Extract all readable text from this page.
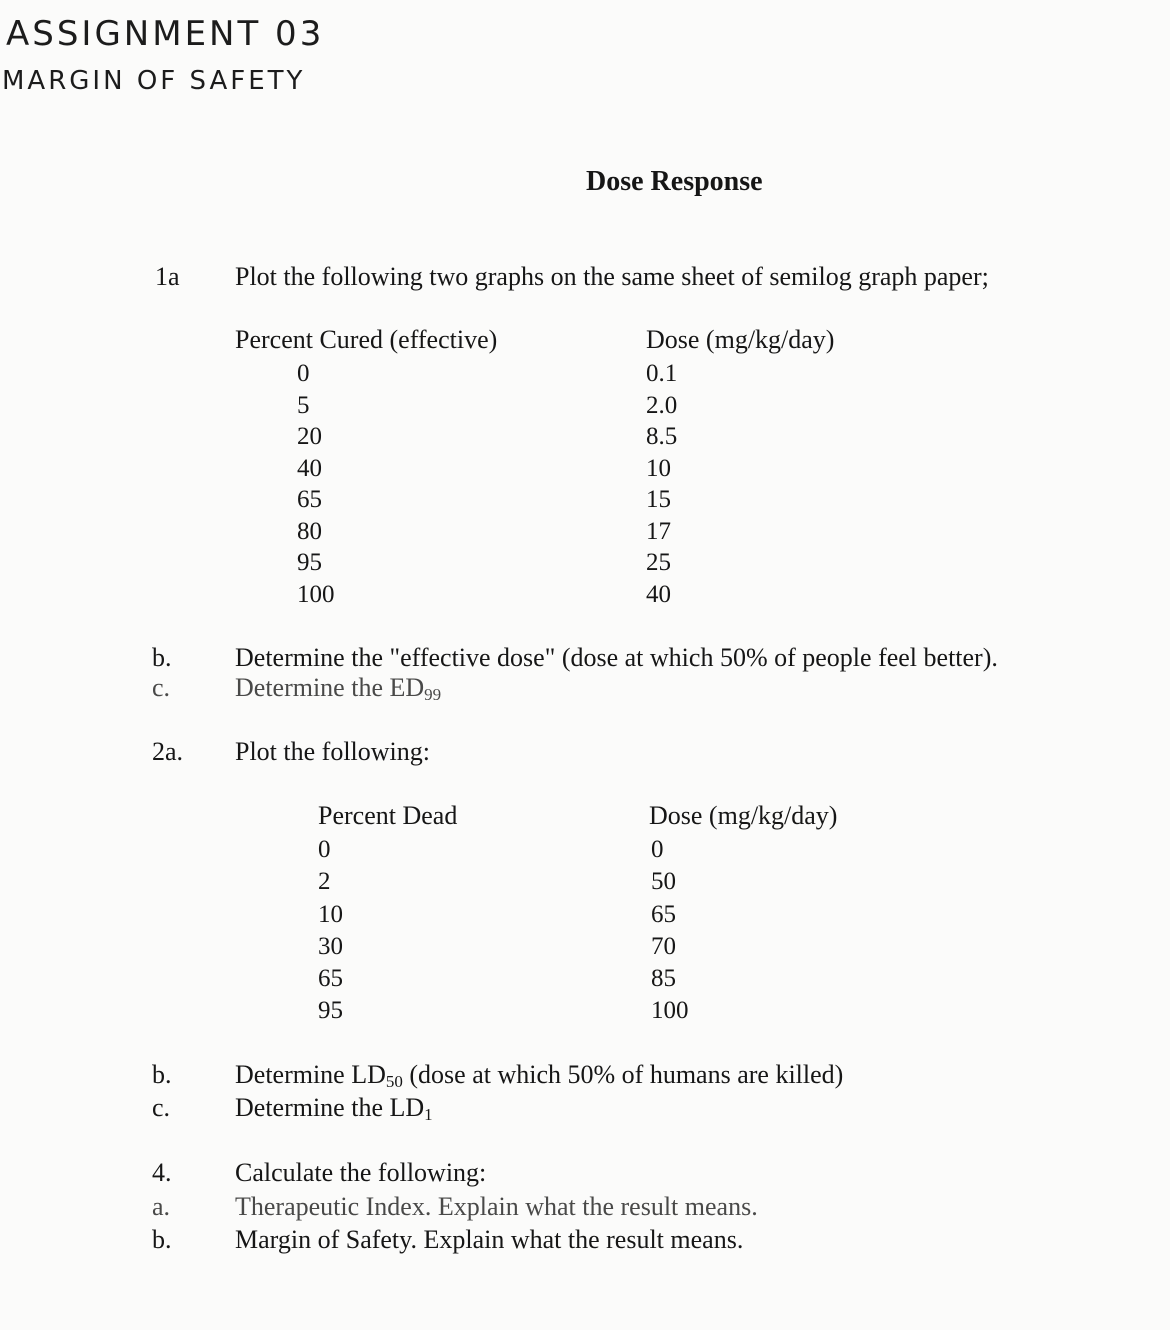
ASSIGNMENT 03
MARGIN OF SAFETY
Dose Response
1a Plot the following two graphs on the same sheet of semilog graph paper;
Percent Cured (effective)	Dose (mg/kg/day)
0
5
20
40
65
80
95
100
0.1
2.0
8.5
10
15
17
25
40
b. Determine the "effective dose" (dose at which 50% of people feel better).
c. Determine the $ED_{99}$
2a. Plot the following:
Percent Dead	Dose (mg/kg/day)
0
2
10
30
65
95
0
50
65
70
85
100
b. Determine $LD_{50}$ (dose at which 50% of humans are killed)
c. Determine the $LD_1$
4. Calculate the following:
a. Therapeutic Index. Explain what the result means.
b. Margin of Safety. Explain what the result means.
